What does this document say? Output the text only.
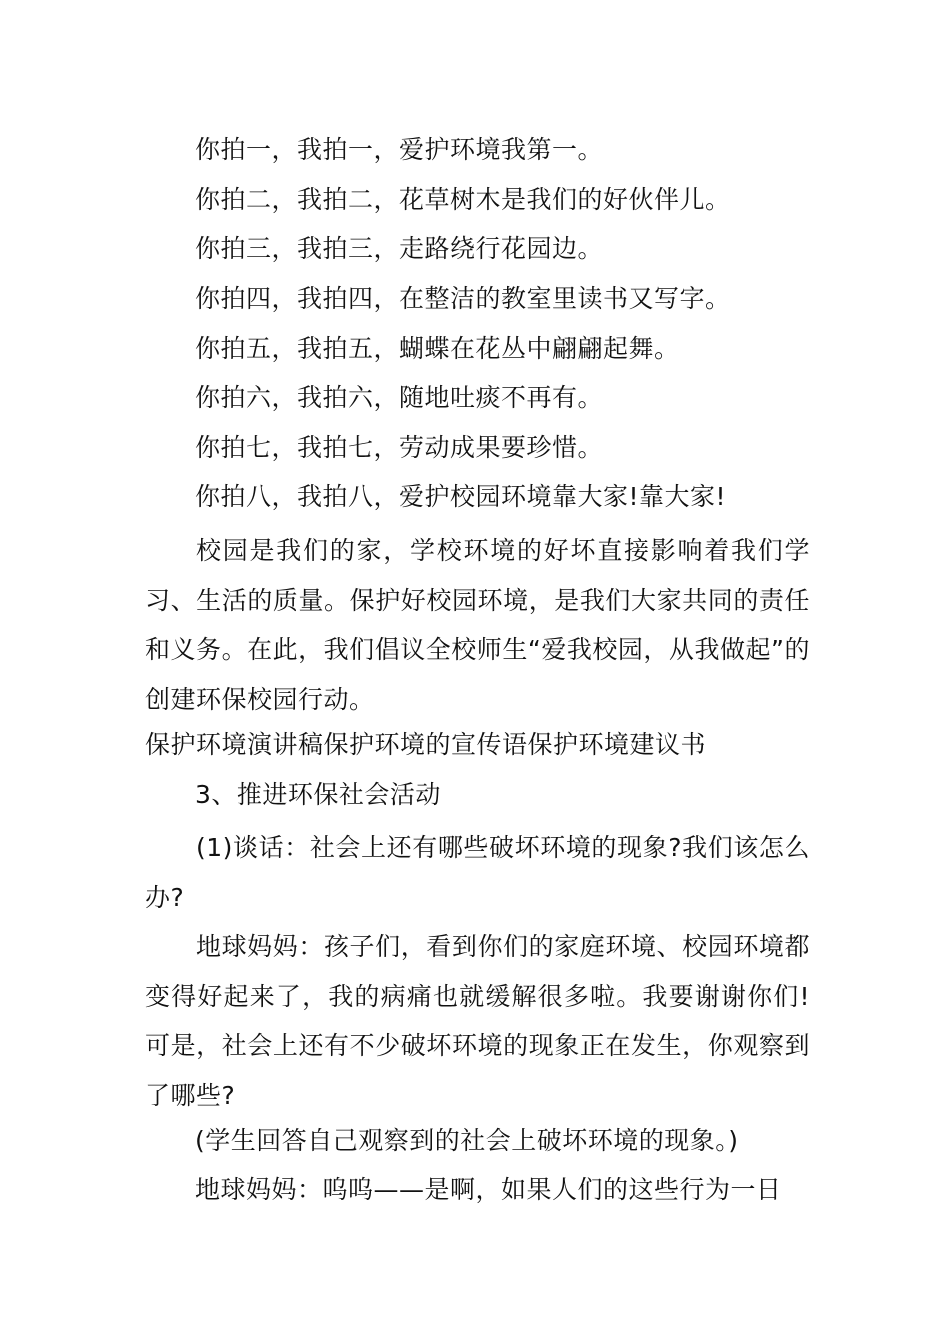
你拍一，我拍一，爱护环境我第一。
你拍二，我拍二，花草树木是我们的好伙伴儿。
你拍三，我拍三，走路绕行花园边。
你拍四，我拍四，在整洁的教室里读书又写字。
你拍五，我拍五，蝴蝶在花丛中翩翩起舞。
你拍六，我拍六，随地吐痰不再有。
你拍七，我拍七，劳动成果要珍惜。
你拍八，我拍八，爱护校园环境靠大家!靠大家!
校园是我们的家，学校环境的好坏直接影响着我们学习、生活的质量。保护好校园环境，是我们大家共同的责任和义务。在此，我们倡议全校师生“爱我校园，从我做起”的创建环保校园行动。
保护环境演讲稿保护环境的宣传语保护环境建议书
3、推进环保社会活动
(1)谈话：社会上还有哪些破坏环境的现象?我们该怎么办?
地球妈妈：孩子们，看到你们的家庭环境、校园环境都变得好起来了，我的病痛也就缓解很多啦。我要谢谢你们!可是，社会上还有不少破坏环境的现象正在发生，你观察到了哪些?
(学生回答自己观察到的社会上破坏环境的现象。)
地球妈妈：呜呜——是啊，如果人们的这些行为一日
